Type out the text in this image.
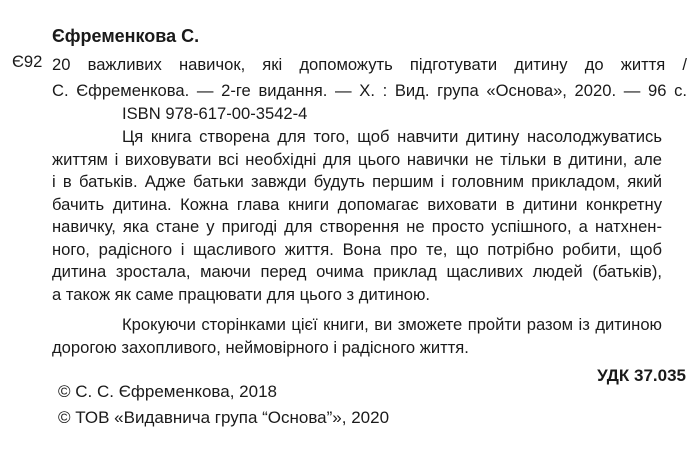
Єфременкова С.
Є92 20 важливих навичок, які допоможуть підготувати дитину до життя /
С. Єфременкова. — 2-ге видання. — Х. : Вид. група «Основа», 2020. — 96 с.
ISBN 978-617-00-3542-4
Ця книга створена для того, щоб навчити дитину насолоджуватись
життям і виховувати всі необхідні для цього навички не тільки в дитини, але
і в батьків. Адже батьки завжди будуть першим і головним прикладом, який
бачить дитина. Кожна глава книги допомагає виховати в дитини конкретну
навичку, яка стане у пригоді для створення не просто успішного, а натхнен-
ного, радісного і щасливого життя. Вона про те, що потрібно робити, щоб
дитина зростала, маючи перед очима приклад щасливих людей (батьків),
а також як саме працювати для цього з дитиною.
Крокуючи сторінками цієї книги, ви зможете пройти разом із дитиною
дорогою захопливого, неймовірного і радісного життя.
УДК 37.035
© С. С. Єфременкова, 2018
© ТОВ «Видавнича група “Основа”», 2020
